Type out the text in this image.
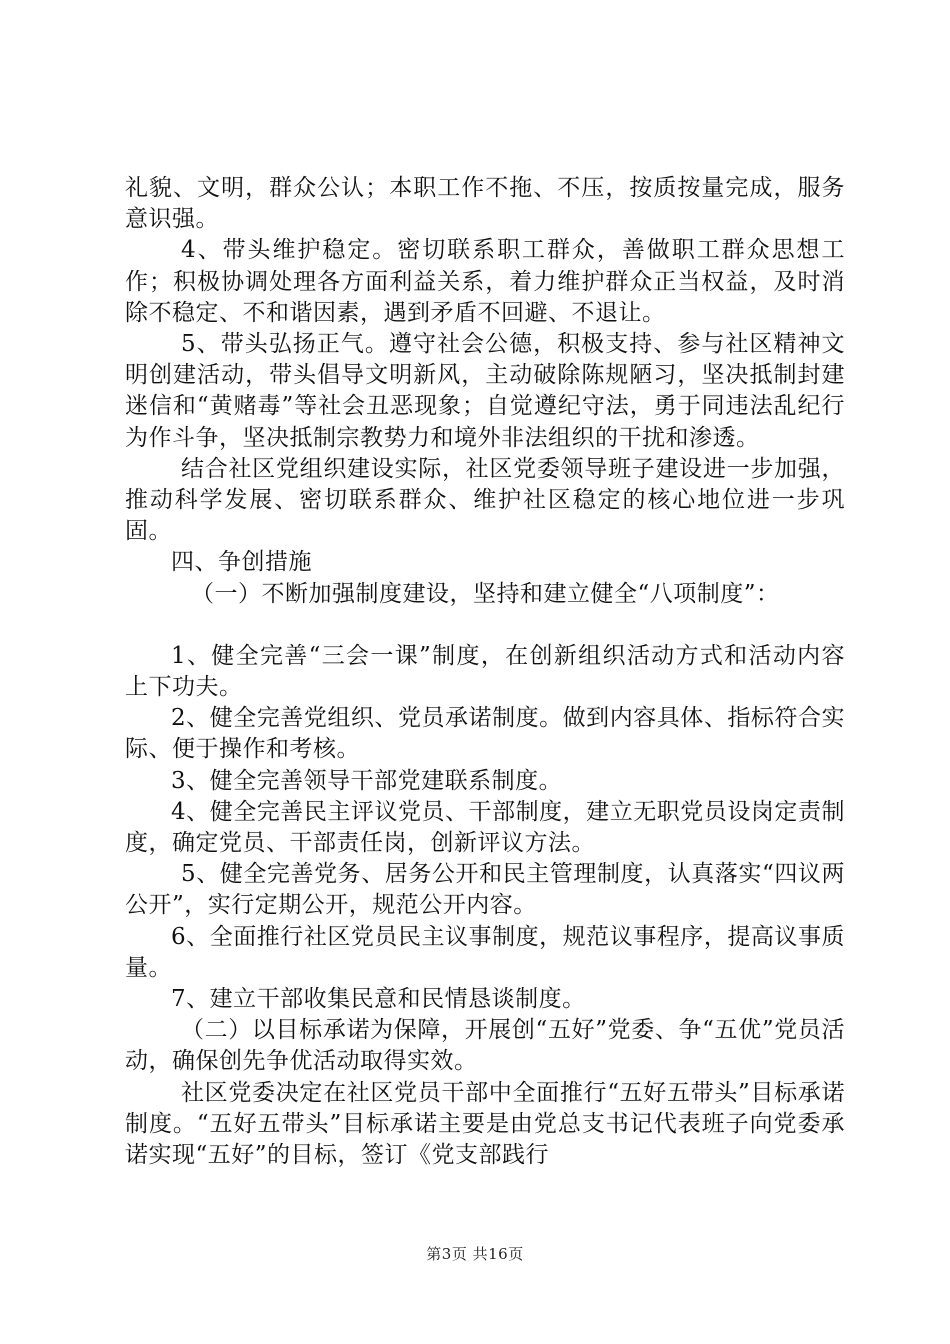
礼貌、文明，群众公认；本职工作不拖、不压，按质按量完成，服务意识强。

4、带头维护稳定。密切联系职工群众，善做职工群众思想工作；积极协调处理各方面利益关系，着力维护群众正当权益，及时消除不稳定、不和谐因素，遇到矛盾不回避、不退让。

5、带头弘扬正气。遵守社会公德，积极支持、参与社区精神文明创建活动，带头倡导文明新风，主动破除陈规陋习，坚决抵制封建迷信和“黄赌毒”等社会丑恶现象；自觉遵纪守法，勇于同违法乱纪行为作斗争，坚决抵制宗教势力和境外非法组织的干扰和渗透。

结合社区党组织建设实际，社区党委领导班子建设进一步加强，推动科学发展、密切联系群众、维护社区稳定的核心地位进一步巩固。

四、争创措施

（一）不断加强制度建设，坚持和建立健全“八项制度”：

1、健全完善“三会一课”制度，在创新组织活动方式和活动内容上下功夫。

2、健全完善党组织、党员承诺制度。做到内容具体、指标符合实际、便于操作和考核。

3、健全完善领导干部党建联系制度。

4、健全完善民主评议党员、干部制度，建立无职党员设岗定责制度，确定党员、干部责任岗，创新评议方法。

5、健全完善党务、居务公开和民主管理制度，认真落实“四议两公开”，实行定期公开，规范公开内容。

6、全面推行社区党员民主议事制度，规范议事程序，提高议事质量。

7、建立干部收集民意和民情恳谈制度。

（二）以目标承诺为保障，开展创“五好”党委、争“五优”党员活动，确保创先争优活动取得实效。

社区党委决定在社区党员干部中全面推行“五好五带头”目标承诺制度。“五好五带头”目标承诺主要是由党总支书记代表班子向党委承诺实现“五好”的目标，签订《党支部践行

第3页 共16页
